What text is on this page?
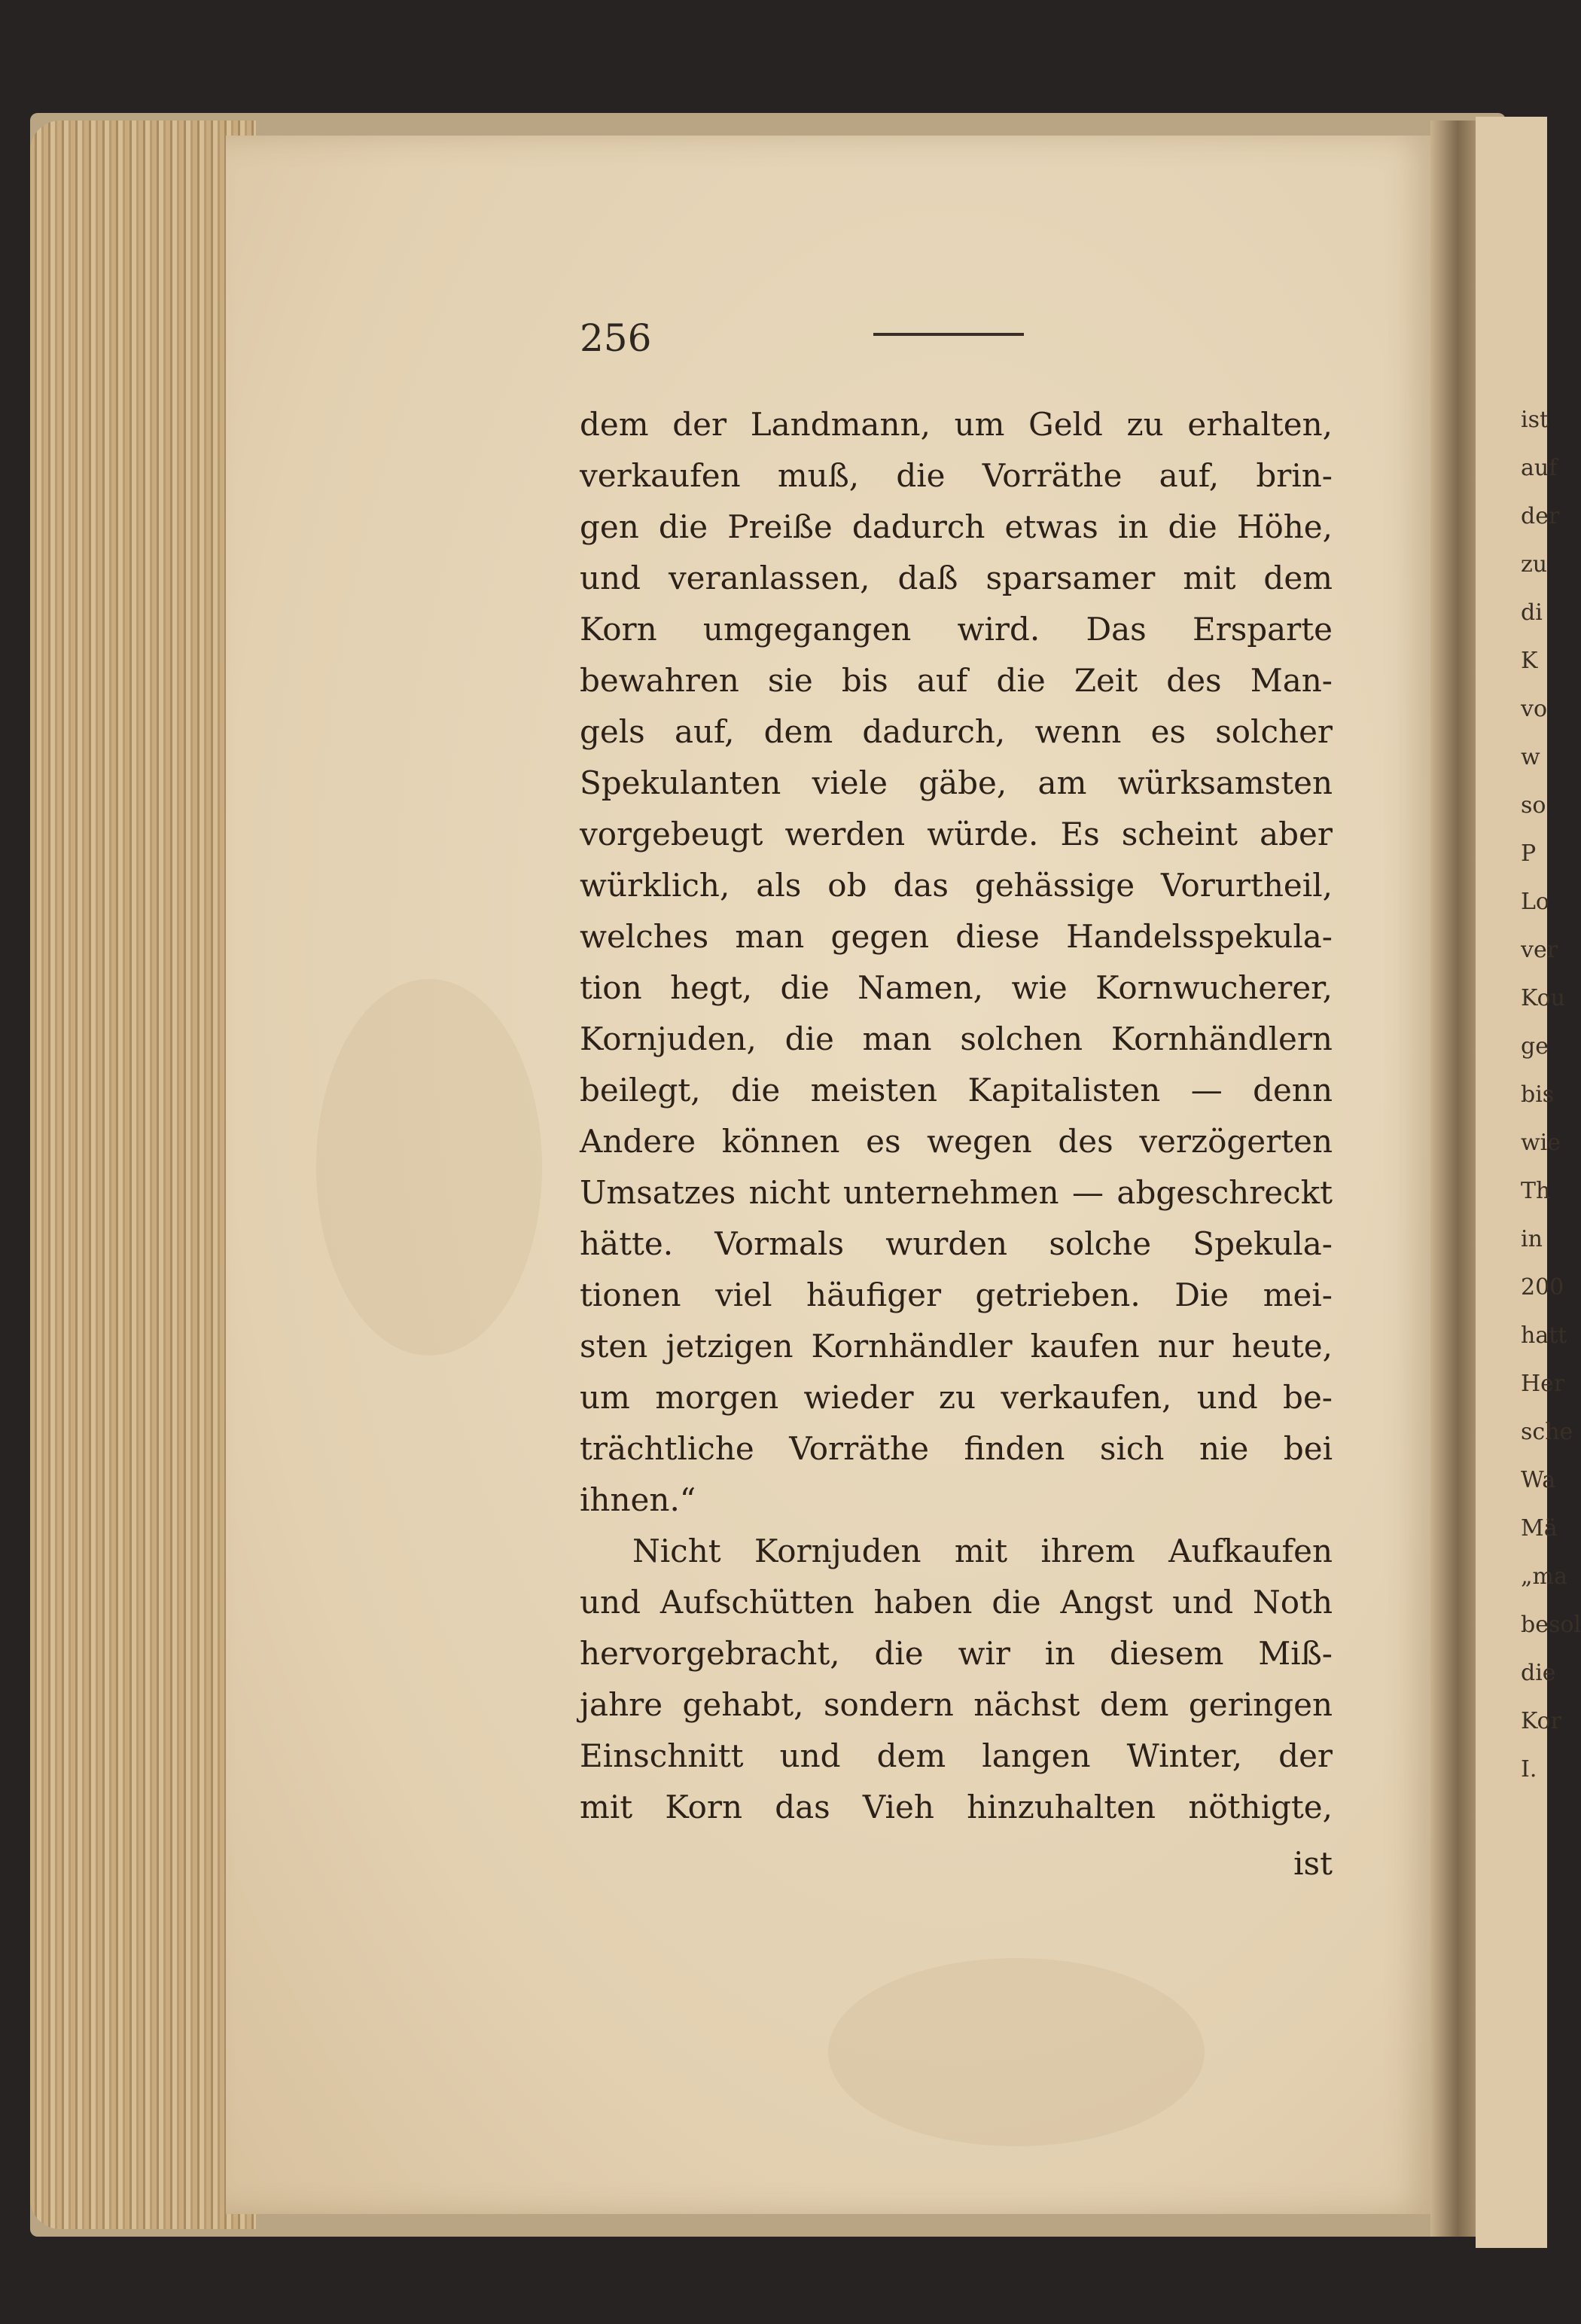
ist
auf
der
zu
di
K
vo
w
so
P
Lo
ver
Kou
ge
bis
wie
Th
in
200
hatt
Her
sche
Wa
Mä
„ma
besol
die
Kor
I.
256
dem der Landmann, um Geld zu erhalten,
verkaufen muß, die Vorräthe auf, brin-
gen die Preiße dadurch etwas in die Höhe,
und veranlassen, daß sparsamer mit dem
Korn umgegangen wird. Das Ersparte
bewahren sie bis auf die Zeit des Man-
gels auf, dem dadurch, wenn es solcher
Spekulanten viele gäbe, am würksamsten
vorgebeugt werden würde. Es scheint aber
würklich, als ob das gehässige Vorurtheil,
welches man gegen diese Handelsspekula-
tion hegt, die Namen, wie Kornwucherer,
Kornjuden, die man solchen Kornhändlern
beilegt, die meisten Kapitalisten — denn
Andere können es wegen des verzögerten
Umsatzes nicht unternehmen — abgeschreckt
hätte. Vormals wurden solche Spekula-
tionen viel häufiger getrieben. Die mei-
sten jetzigen Kornhändler kaufen nur heute,
um morgen wieder zu verkaufen, und be-
trächtliche Vorräthe finden sich nie bei
ihnen.“
Nicht Kornjuden mit ihrem Aufkaufen
und Aufschütten haben die Angst und Noth
hervorgebracht, die wir in diesem Miß-
jahre gehabt, sondern nächst dem geringen
Einschnitt und dem langen Winter, der
mit Korn das Vieh hinzuhalten nöthigte,
ist
